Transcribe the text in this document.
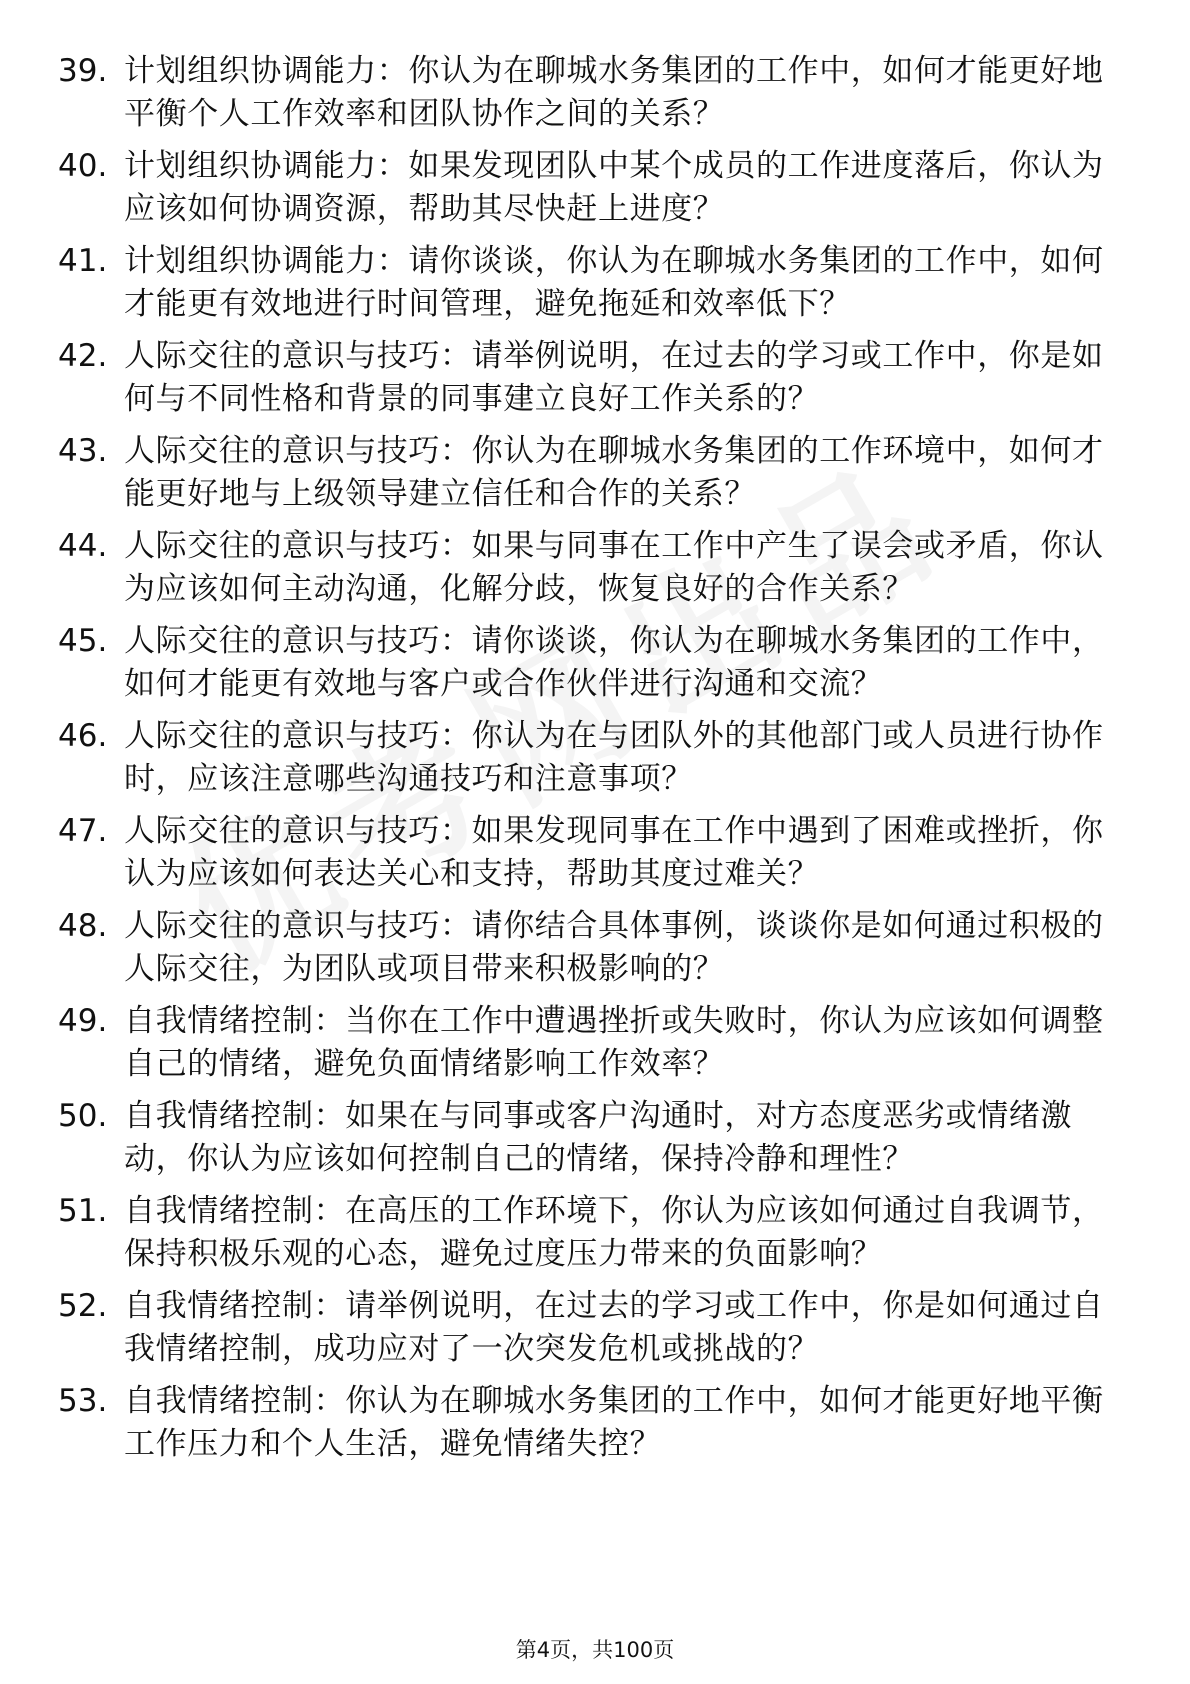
39. 计划组织协调能力：你认为在聊城水务集团的工作中，如何才能更好地平衡个人工作效率和团队协作之间的关系？
40. 计划组织协调能力：如果发现团队中某个成员的工作进度落后，你认为应该如何协调资源，帮助其尽快赶上进度？
41. 计划组织协调能力：请你谈谈，你认为在聊城水务集团的工作中，如何才能更有效地进行时间管理，避免拖延和效率低下？
42. 人际交往的意识与技巧：请举例说明，在过去的学习或工作中，你是如何与不同性格和背景的同事建立良好工作关系的？
43. 人际交往的意识与技巧：你认为在聊城水务集团的工作环境中，如何才能更好地与上级领导建立信任和合作的关系？
44. 人际交往的意识与技巧：如果与同事在工作中产生了误会或矛盾，你认为应该如何主动沟通，化解分歧，恢复良好的合作关系？
45. 人际交往的意识与技巧：请你谈谈，你认为在聊城水务集团的工作中，如何才能更有效地与客户或合作伙伴进行沟通和交流？
46. 人际交往的意识与技巧：你认为在与团队外的其他部门或人员进行协作时，应该注意哪些沟通技巧和注意事项？
47. 人际交往的意识与技巧：如果发现同事在工作中遇到了困难或挫折，你认为应该如何表达关心和支持，帮助其度过难关？
48. 人际交往的意识与技巧：请你结合具体事例，谈谈你是如何通过积极的人际交往，为团队或项目带来积极影响的？
49. 自我情绪控制：当你在工作中遭遇挫折或失败时，你认为应该如何调整自己的情绪，避免负面情绪影响工作效率？
50. 自我情绪控制：如果在与同事或客户沟通时，对方态度恶劣或情绪激动，你认为应该如何控制自己的情绪，保持冷静和理性？
51. 自我情绪控制：在高压的工作环境下，你认为应该如何通过自我调节，保持积极乐观的心态，避免过度压力带来的负面影响？
52. 自我情绪控制：请举例说明，在过去的学习或工作中，你是如何通过自我情绪控制，成功应对了一次突发危机或挑战的？
53. 自我情绪控制：你认为在聊城水务集团的工作中，如何才能更好地平衡工作压力和个人生活，避免情绪失控？
第4页，共100页
